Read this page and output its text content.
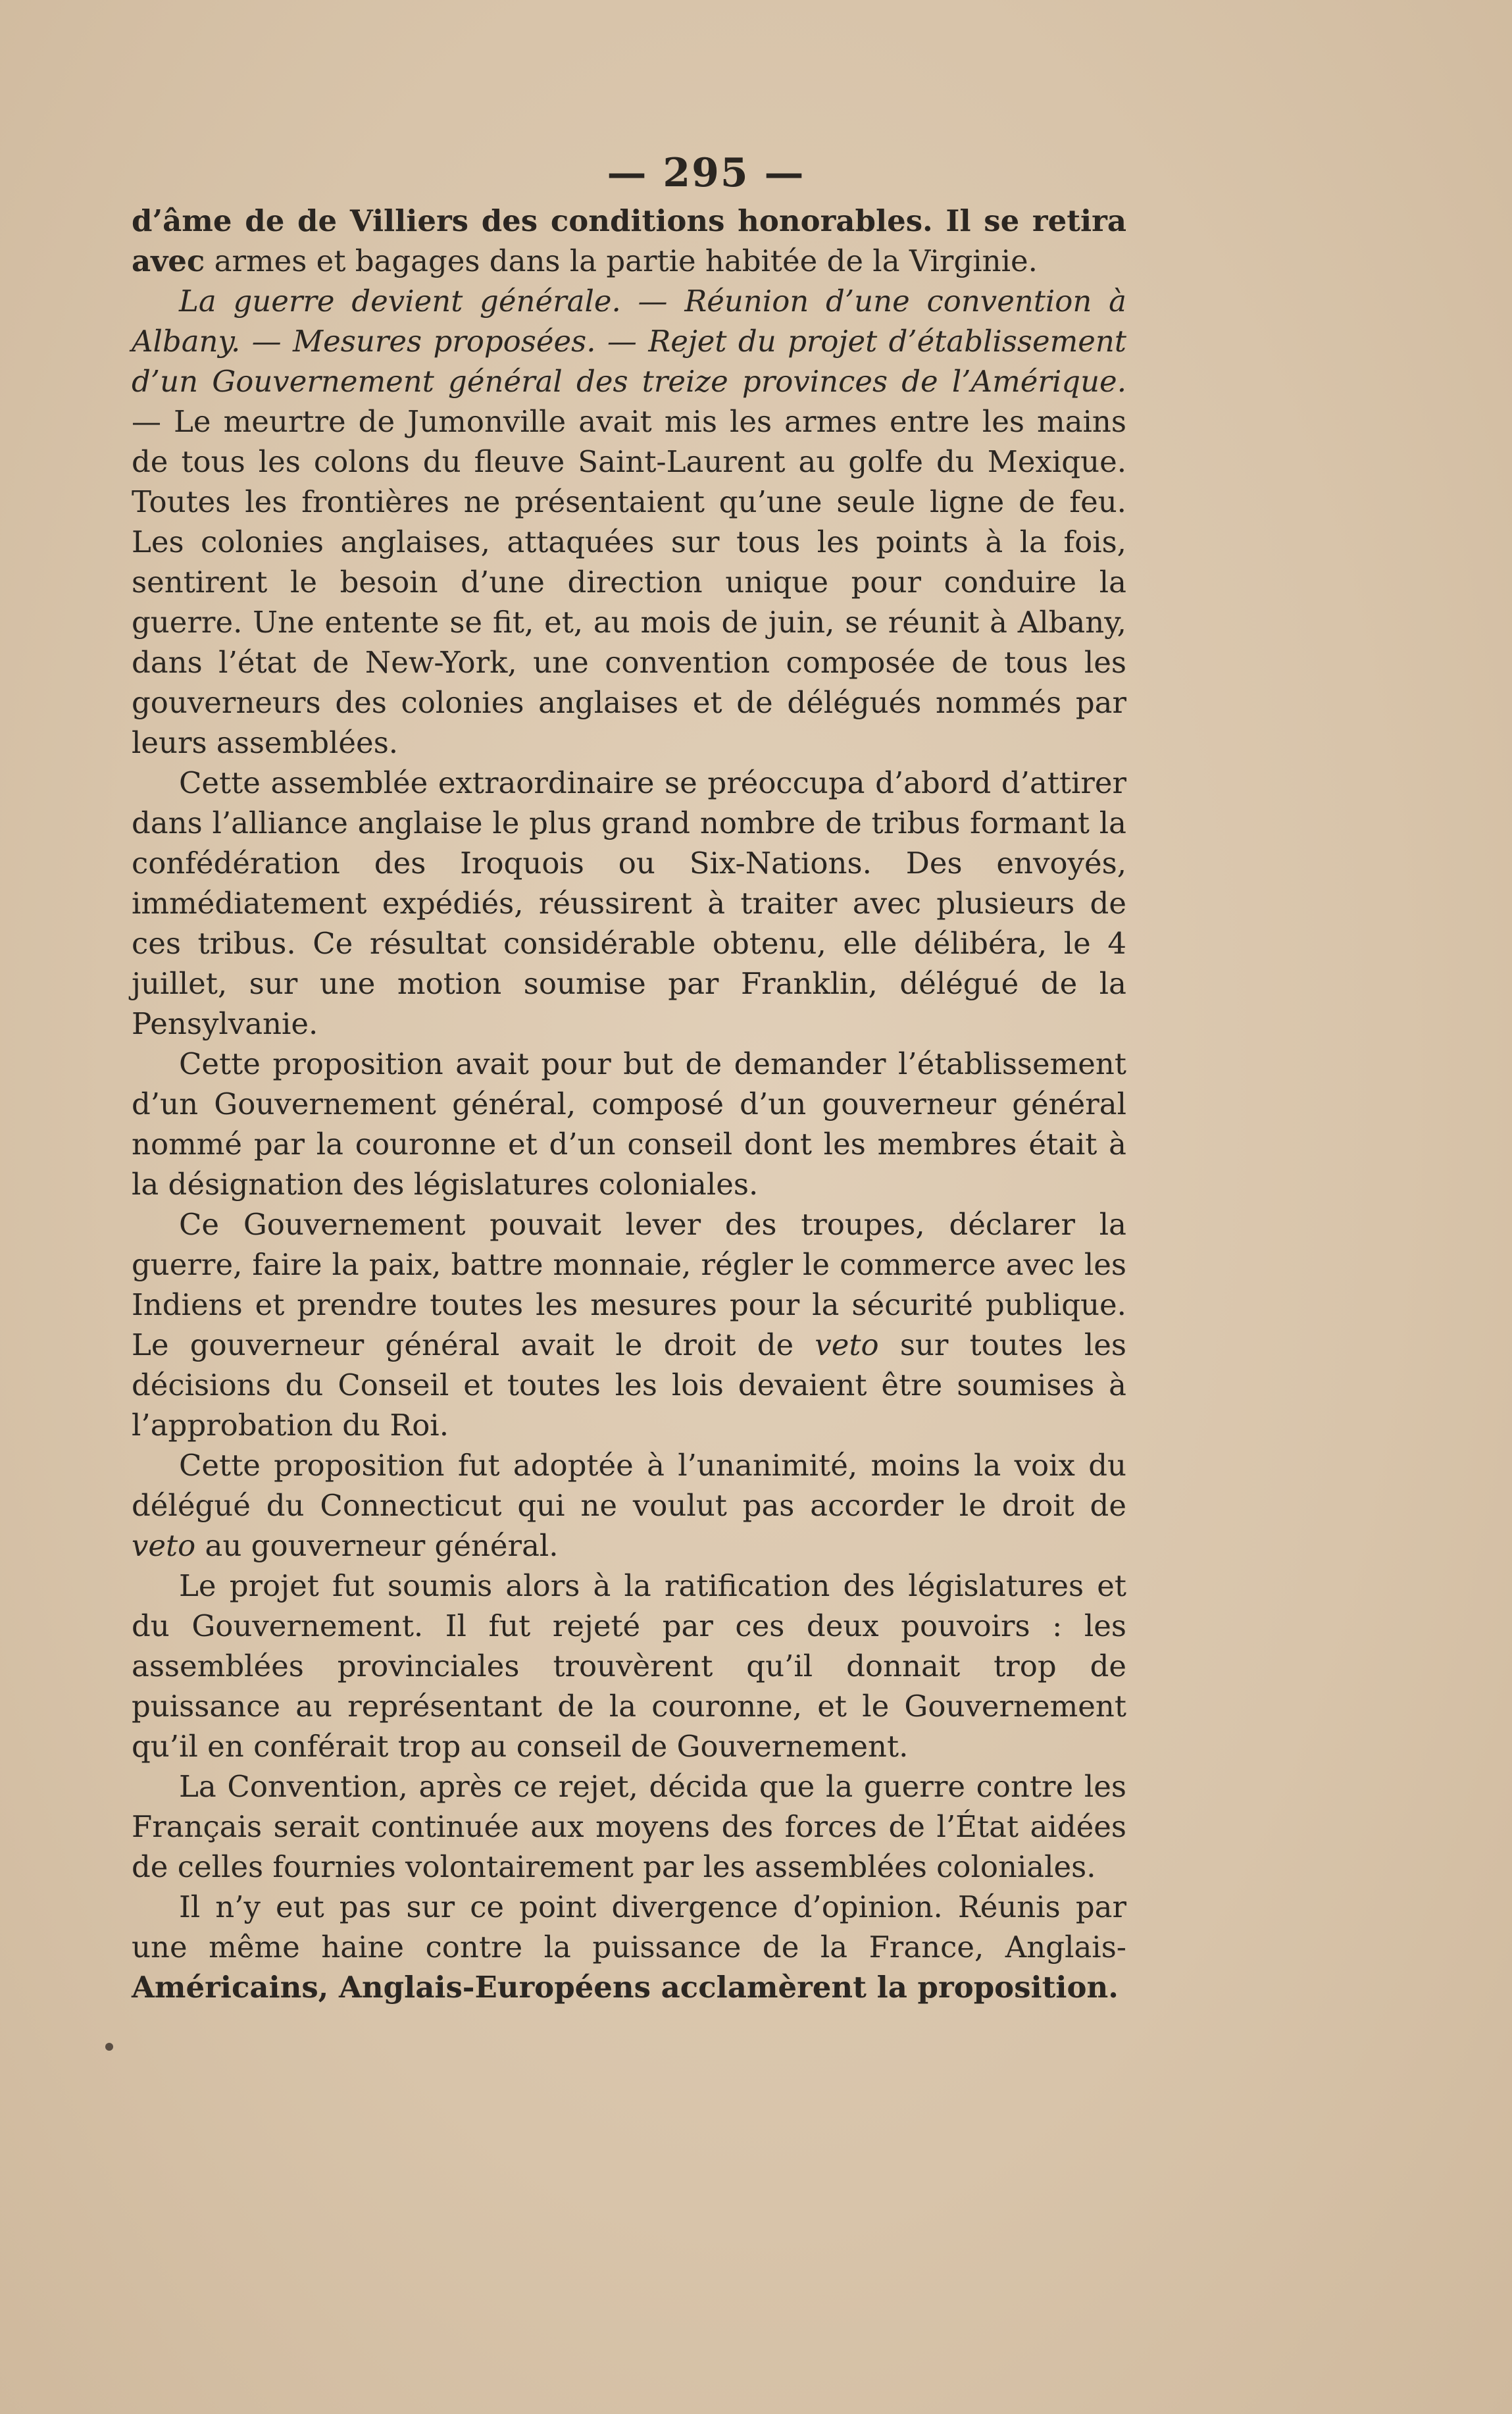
— 295 —

d’âme de de Villiers des conditions honorables. Il se retira avec armes et bagages dans la partie habitée de la Virginie.

La guerre devient générale. — Réunion d’une convention à Albany. — Mesures proposées. — Rejet du projet d’établissement d’un Gouvernement général des treize provinces de l’Amérique. — Le meurtre de Jumonville avait mis les armes entre les mains de tous les colons du fleuve Saint-Laurent au golfe du Mexique. Toutes les frontières ne présentaient qu’une seule ligne de feu. Les colonies anglaises, attaquées sur tous les points à la fois, sentirent le besoin d’une direction unique pour conduire la guerre. Une entente se fit, et, au mois de juin, se réunit à Albany, dans l’état de New-York, une convention composée de tous les gouverneurs des colonies anglaises et de délégués nommés par leurs assemblées.

Cette assemblée extraordinaire se préoccupa d’abord d’attirer dans l’alliance anglaise le plus grand nombre de tribus formant la confédération des Iroquois ou Six-Nations. Des envoyés, immédiatement expédiés, réussirent à traiter avec plusieurs de ces tribus. Ce résultat considérable obtenu, elle délibéra, le 4 juillet, sur une motion soumise par Franklin, délégué de la Pensylvanie.

Cette proposition avait pour but de demander l’établissement d’un Gouvernement général, composé d’un gouverneur général nommé par la couronne et d’un conseil dont les membres était à la désignation des législatures coloniales.

Ce Gouvernement pouvait lever des troupes, déclarer la guerre, faire la paix, battre monnaie, régler le commerce avec les Indiens et prendre toutes les mesures pour la sécurité publique. Le gouverneur général avait le droit de veto sur toutes les décisions du Conseil et toutes les lois devaient être soumises à l’approbation du Roi.

Cette proposition fut adoptée à l’unanimité, moins la voix du délégué du Connecticut qui ne voulut pas accorder le droit de veto au gouverneur général.

Le projet fut soumis alors à la ratification des législatures et du Gouvernement. Il fut rejeté par ces deux pouvoirs : les assemblées provinciales trouvèrent qu’il donnait trop de puissance au représentant de la couronne, et le Gouvernement qu’il en conférait trop au conseil de Gouvernement.

La Convention, après ce rejet, décida que la guerre contre les Français serait continuée aux moyens des forces de l’État aidées de celles fournies volontairement par les assemblées coloniales.

Il n’y eut pas sur ce point divergence d’opinion. Réunis par une même haine contre la puissance de la France, Anglais-Américains, Anglais-Européens acclamèrent la proposition.
